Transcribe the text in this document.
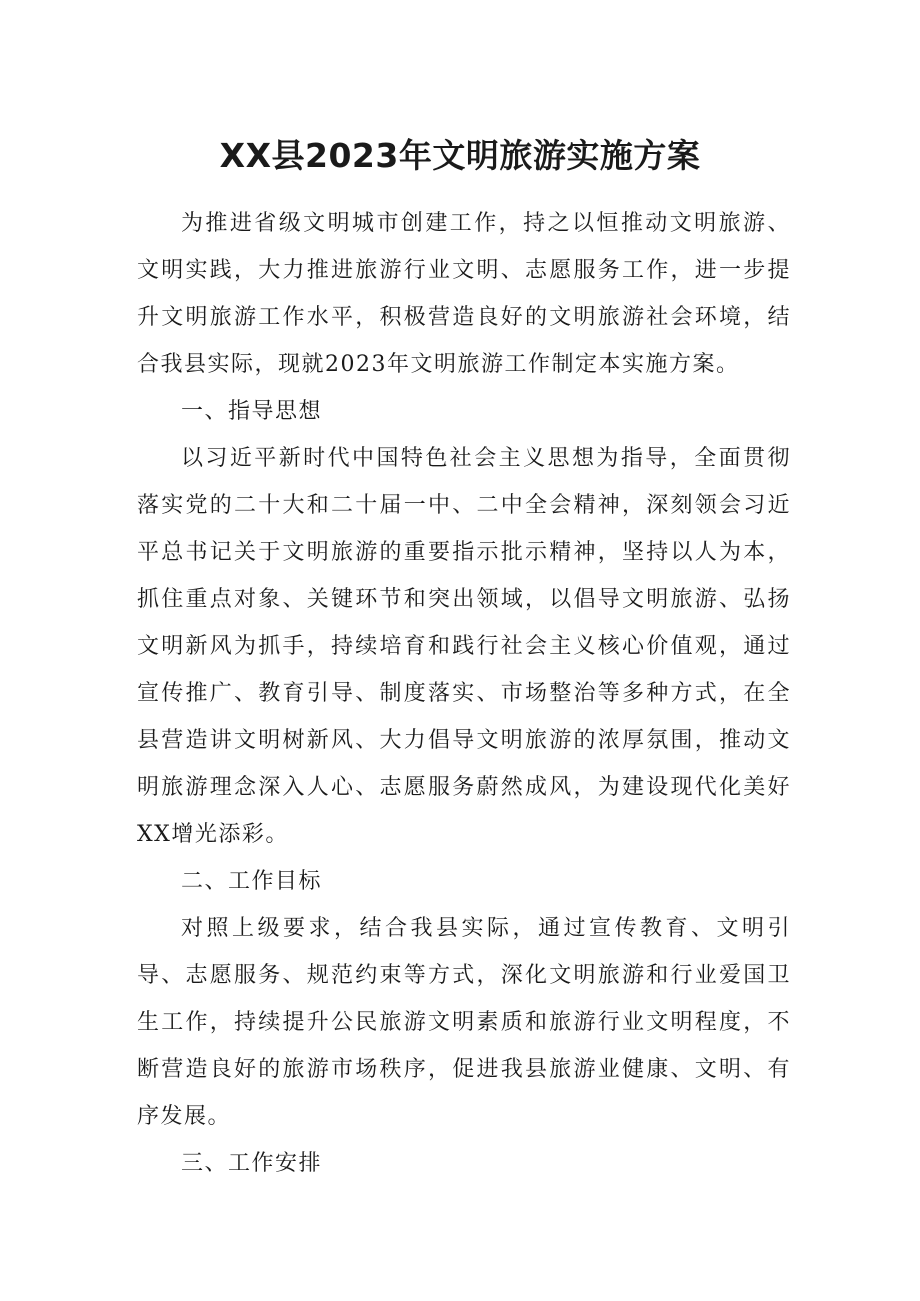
XX县2023年文明旅游实施方案

为推进省级文明城市创建工作，持之以恒推动文明旅游、文明实践，大力推进旅游行业文明、志愿服务工作，进一步提升文明旅游工作水平，积极营造良好的文明旅游社会环境，结合我县实际，现就2023年文明旅游工作制定本实施方案。

一、指导思想

以习近平新时代中国特色社会主义思想为指导，全面贯彻落实党的二十大和二十届一中、二中全会精神，深刻领会习近平总书记关于文明旅游的重要指示批示精神，坚持以人为本，抓住重点对象、关键环节和突出领域，以倡导文明旅游、弘扬文明新风为抓手，持续培育和践行社会主义核心价值观，通过宣传推广、教育引导、制度落实、市场整治等多种方式，在全县营造讲文明树新风、大力倡导文明旅游的浓厚氛围，推动文明旅游理念深入人心、志愿服务蔚然成风，为建设现代化美好XX增光添彩。

二、工作目标

对照上级要求，结合我县实际，通过宣传教育、文明引导、志愿服务、规范约束等方式，深化文明旅游和行业爱国卫生工作，持续提升公民旅游文明素质和旅游行业文明程度，不断营造良好的旅游市场秩序，促进我县旅游业健康、文明、有序发展。

三、工作安排
